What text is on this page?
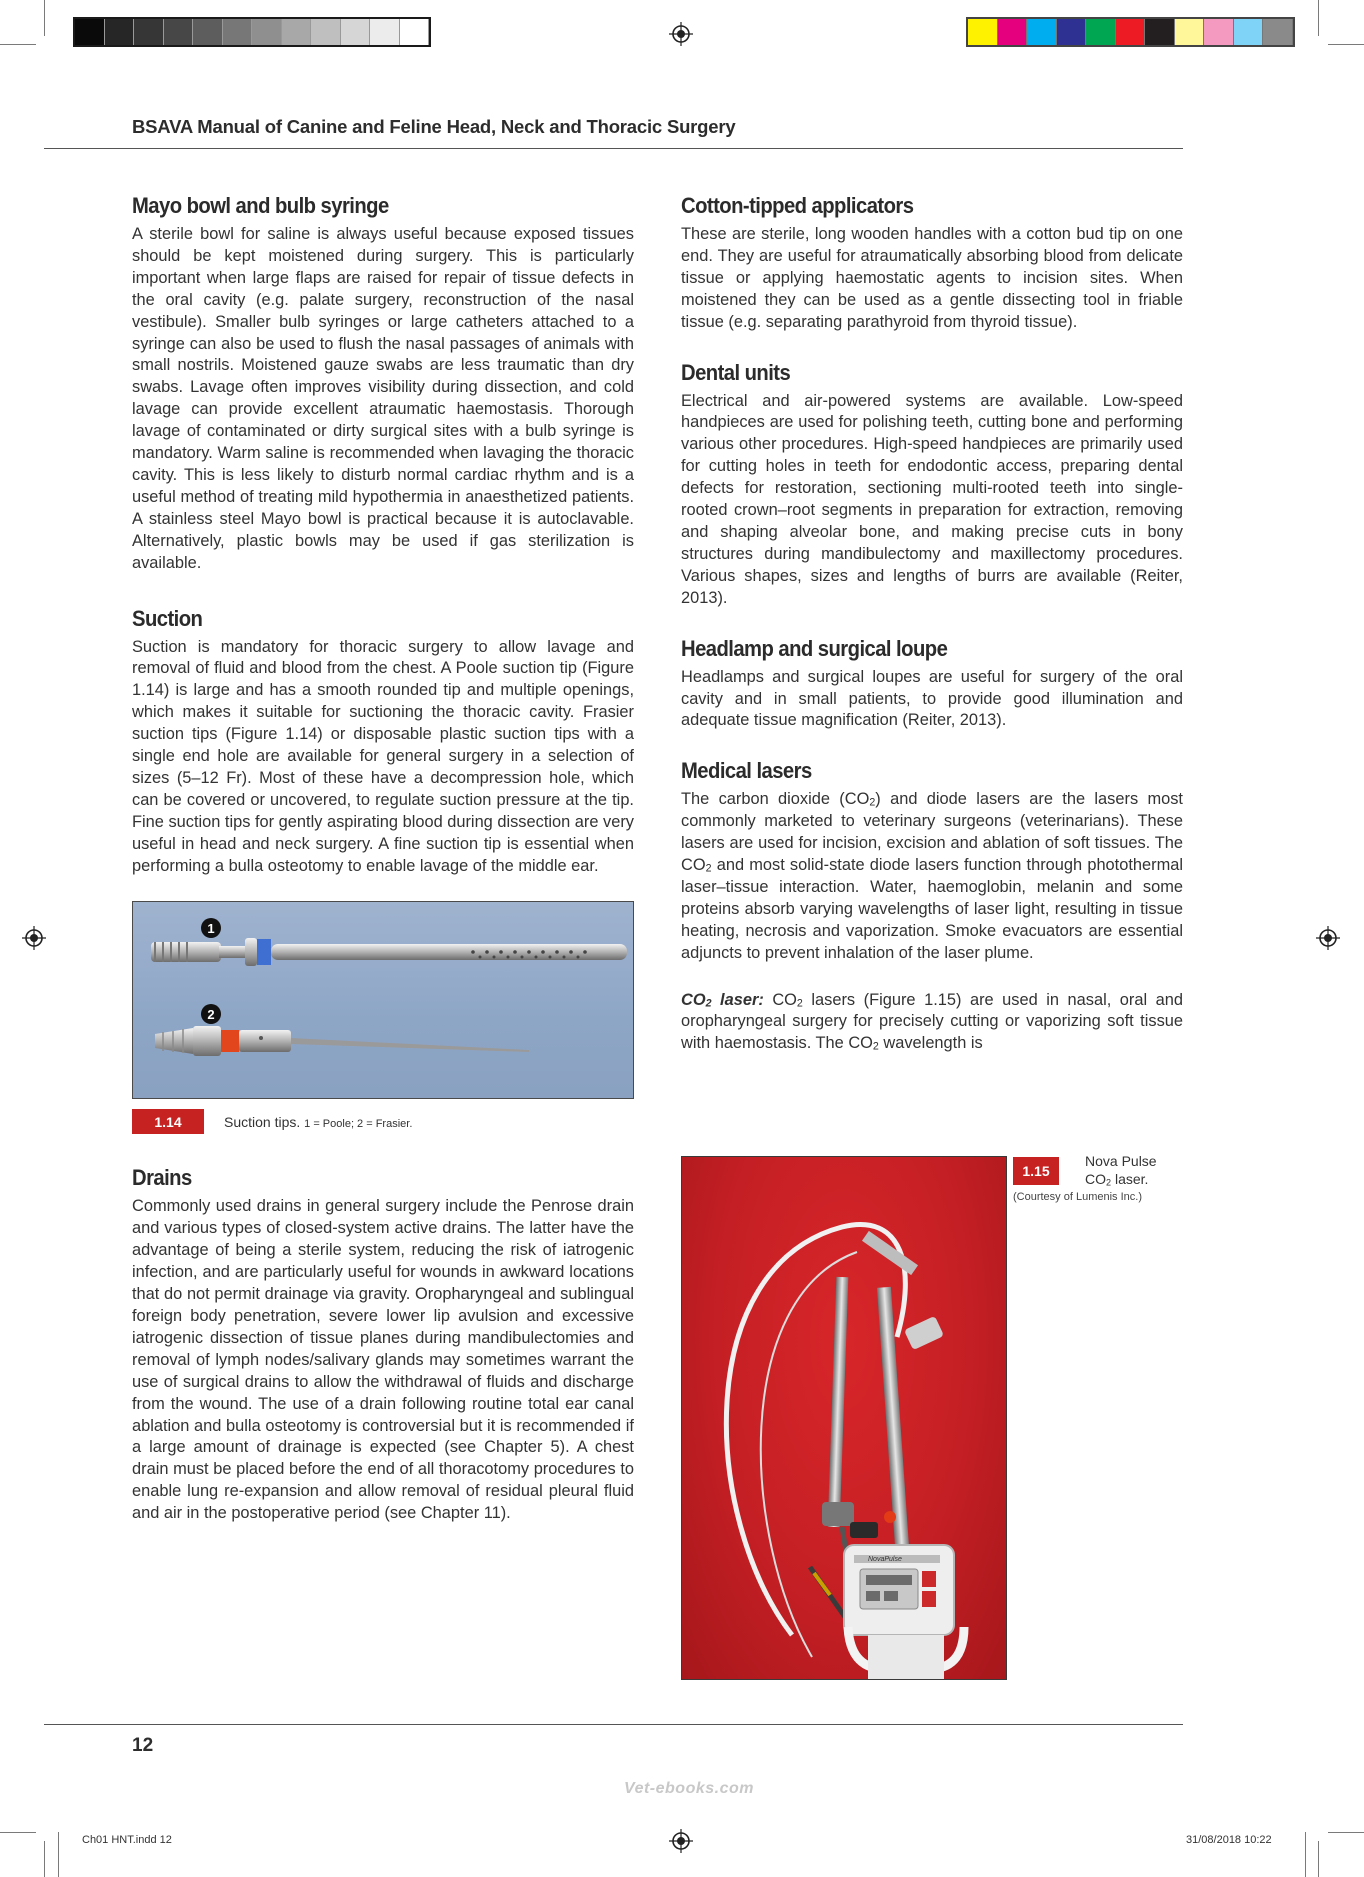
BSAVA Manual of Canine and Feline Head, Neck and Thoracic Surgery
Mayo bowl and bulb syringe

A sterile bowl for saline is always useful because exposed tissues should be kept moistened during surgery. This is particularly important when large flaps are raised for repair of tissue defects in the oral cavity (e.g. palate surgery, reconstruction of the nasal vestibule). Smaller bulb syringes or large catheters attached to a syringe can also be used to flush the nasal passages of animals with small nostrils. Moistened gauze swabs are less traumatic than dry swabs. Lavage often improves visibility during dissection, and cold lavage can provide excellent atraumatic haemostasis. Thorough lavage of contaminated or dirty surgical sites with a bulb syringe is mandatory. Warm saline is recommended when lavaging the thoracic cavity. This is less likely to disturb normal cardiac rhythm and is a useful method of treating mild hypothermia in anaesthetized patients. A stainless steel Mayo bowl is practical because it is autoclavable. Alternatively, plastic bowls may be used if gas sterilization is available.

Suction

Suction is mandatory for thoracic surgery to allow lavage and removal of fluid and blood from the chest. A Poole suction tip (Figure 1.14) is large and has a smooth rounded tip and multiple openings, which makes it suitable for suctioning the thoracic cavity. Frasier suction tips (Figure 1.14) or disposable plastic suction tips with a single end hole are available for general surgery in a selection of sizes (5–12 Fr). Most of these have a decompression hole, which can be covered or uncovered, to regulate suction pressure at the tip. Fine suction tips for gently aspirating blood during dissection are very useful in head and neck surgery. A fine suction tip is essential when performing a bulla osteotomy to enable lavage of the middle ear.

1
2
1.14	Suction tips. 1 = Poole; 2 = Frasier.
Drains

Commonly used drains in general surgery include the Penrose drain and various types of closed-system active drains. The latter have the advantage of being a sterile system, reducing the risk of iatrogenic infection, and are particularly useful for wounds in awkward locations that do not permit drainage via gravity. Oropharyngeal and sublingual foreign body penetration, severe lower lip avulsion and excessive iatrogenic dissection of tissue planes during mandibulectomies and removal of lymph nodes/salivary glands may sometimes warrant the use of surgical drains to allow the withdrawal of fluids and discharge from the wound. The use of a drain following routine total ear canal ablation and bulla osteotomy is controversial but it is recommended if a large amount of drainage is expected (see Chapter 5). A chest drain must be placed before the end of all thoracotomy procedures to enable lung re-expansion and allow removal of residual pleural fluid and air in the postoperative period (see Chapter 11).

Cotton-tipped applicators

These are sterile, long wooden handles with a cotton bud tip on one end. They are useful for atraumatically absorbing blood from delicate tissue or applying haemostatic agents to incision sites. When moistened they can be used as a gentle dissecting tool in friable tissue (e.g. separating parathyroid from thyroid tissue).

Dental units

Electrical and air-powered systems are available. Low-speed handpieces are used for polishing teeth, cutting bone and performing various other procedures. High-speed handpieces are primarily used for cutting holes in teeth for endodontic access, preparing dental defects for restoration, sectioning multi-rooted teeth into single-rooted crown–root segments in preparation for extraction, removing and shaping alveolar bone, and making precise cuts in bony structures during mandibulectomy and maxillectomy procedures. Various shapes, sizes and lengths of burrs are available (Reiter, 2013).

Headlamp and surgical loupe

Headlamps and surgical loupes are useful for surgery of the oral cavity and in small patients, to provide good illumination and adequate tissue magnification (Reiter, 2013).

Medical lasers

The carbon dioxide $(CO_2)$ and diode lasers are the lasers most commonly marketed to veterinary surgeons (veterinarians). These lasers are used for incision, excision and ablation of soft tissues. The $CO_2$ and most solid-state diode lasers function through photothermal laser–tissue interaction. Water, haemoglobin, melanin and some proteins absorb varying wavelengths of laser light, resulting in tissue heating, necrosis and vaporization. Smoke evacuators are essential adjuncts to prevent inhalation of the laser plume.

$CO_2$ laser: $CO_2$ lasers (Figure 1.15) are used in nasal, oral and oropharyngeal surgery for precisely cutting or vaporizing soft tissue with haemostasis. The $CO_2$ wavelength is

NovaPulse
1.15
Nova Pulse
$CO_2$ laser.
(Courtesy of Lumenis Inc.)
12
Vet-ebooks.com
Ch01 HNT.indd 12	31/08/2018 10:22
